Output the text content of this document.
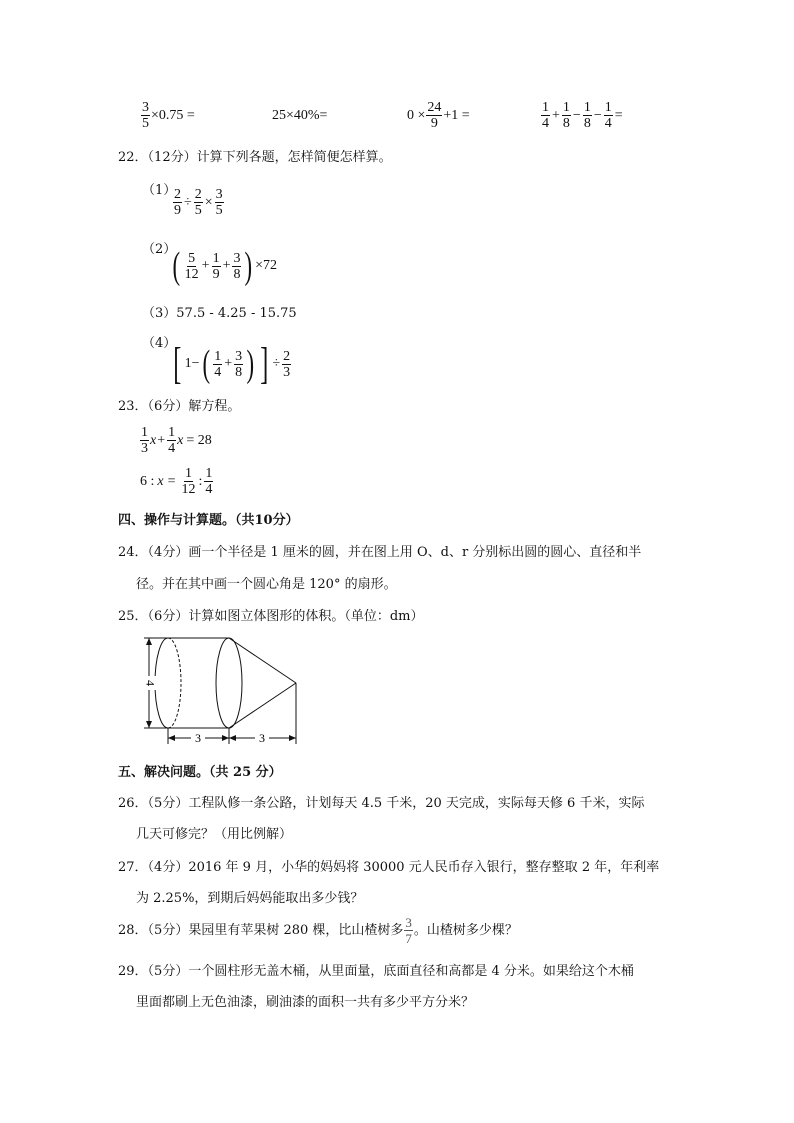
$\frac{3}{5} \times 0.75$ =	25×40%=	$0 \times \frac{24}{9} +1$ =	$\frac{1}{4} + \frac{1}{8} - \frac{1}{8} - \frac{1}{4}$ =
22．（12分）计算下列各题，怎样简便怎样算。
（1）
$\frac{2}{9} \div \frac{2}{5} \times \frac{3}{5}$
（2）
( $\frac{5}{12} + \frac{1}{9} + \frac{3}{8}$ ) ×72
（3）57.5 - 4.25 - 15.75
（4）
[ 1− ( $\frac{1}{4} + \frac{3}{8}$ ) ] ÷ $\frac{2}{3}$
23．（6分）解方程。
$\frac{1}{3}$ $x + \frac{1}{4}$ x = 28
6 : $x = \frac{1}{12}$ : $\frac{1}{4}$
四、操作与计算题。（共10分）
24．（4分）画一个半径是 1 厘米的圆，并在图上用 O、d、r 分别标出圆的圆心、直径和半
径。并在其中画一个圆心角是 120° 的扇形。
25．（6分）计算如图立体图形的体积。（单位：dm）
4
3	3
五、解决问题。（共 25 分）
26．（5分）工程队修一条公路，计划每天 4.5 千米，20 天完成，实际每天修 6 千米，实际
几天可修完？（用比例解）
27．（4分）2016 年 9 月，小华的妈妈将 30000 元人民币存入银行，整存整取 2 年，年利率
为 2.25%，到期后妈妈能取出多少钱？
28．（5分）果园里有苹果树 280 棵，比山楂树多 $\frac{3}{7}$ 。山楂树多少棵？
29．（5分）一个圆柱形无盖木桶，从里面量，底面直径和高都是 4 分米。如果给这个木桶
里面都刷上无色油漆，刷油漆的面积一共有多少平方分米？
